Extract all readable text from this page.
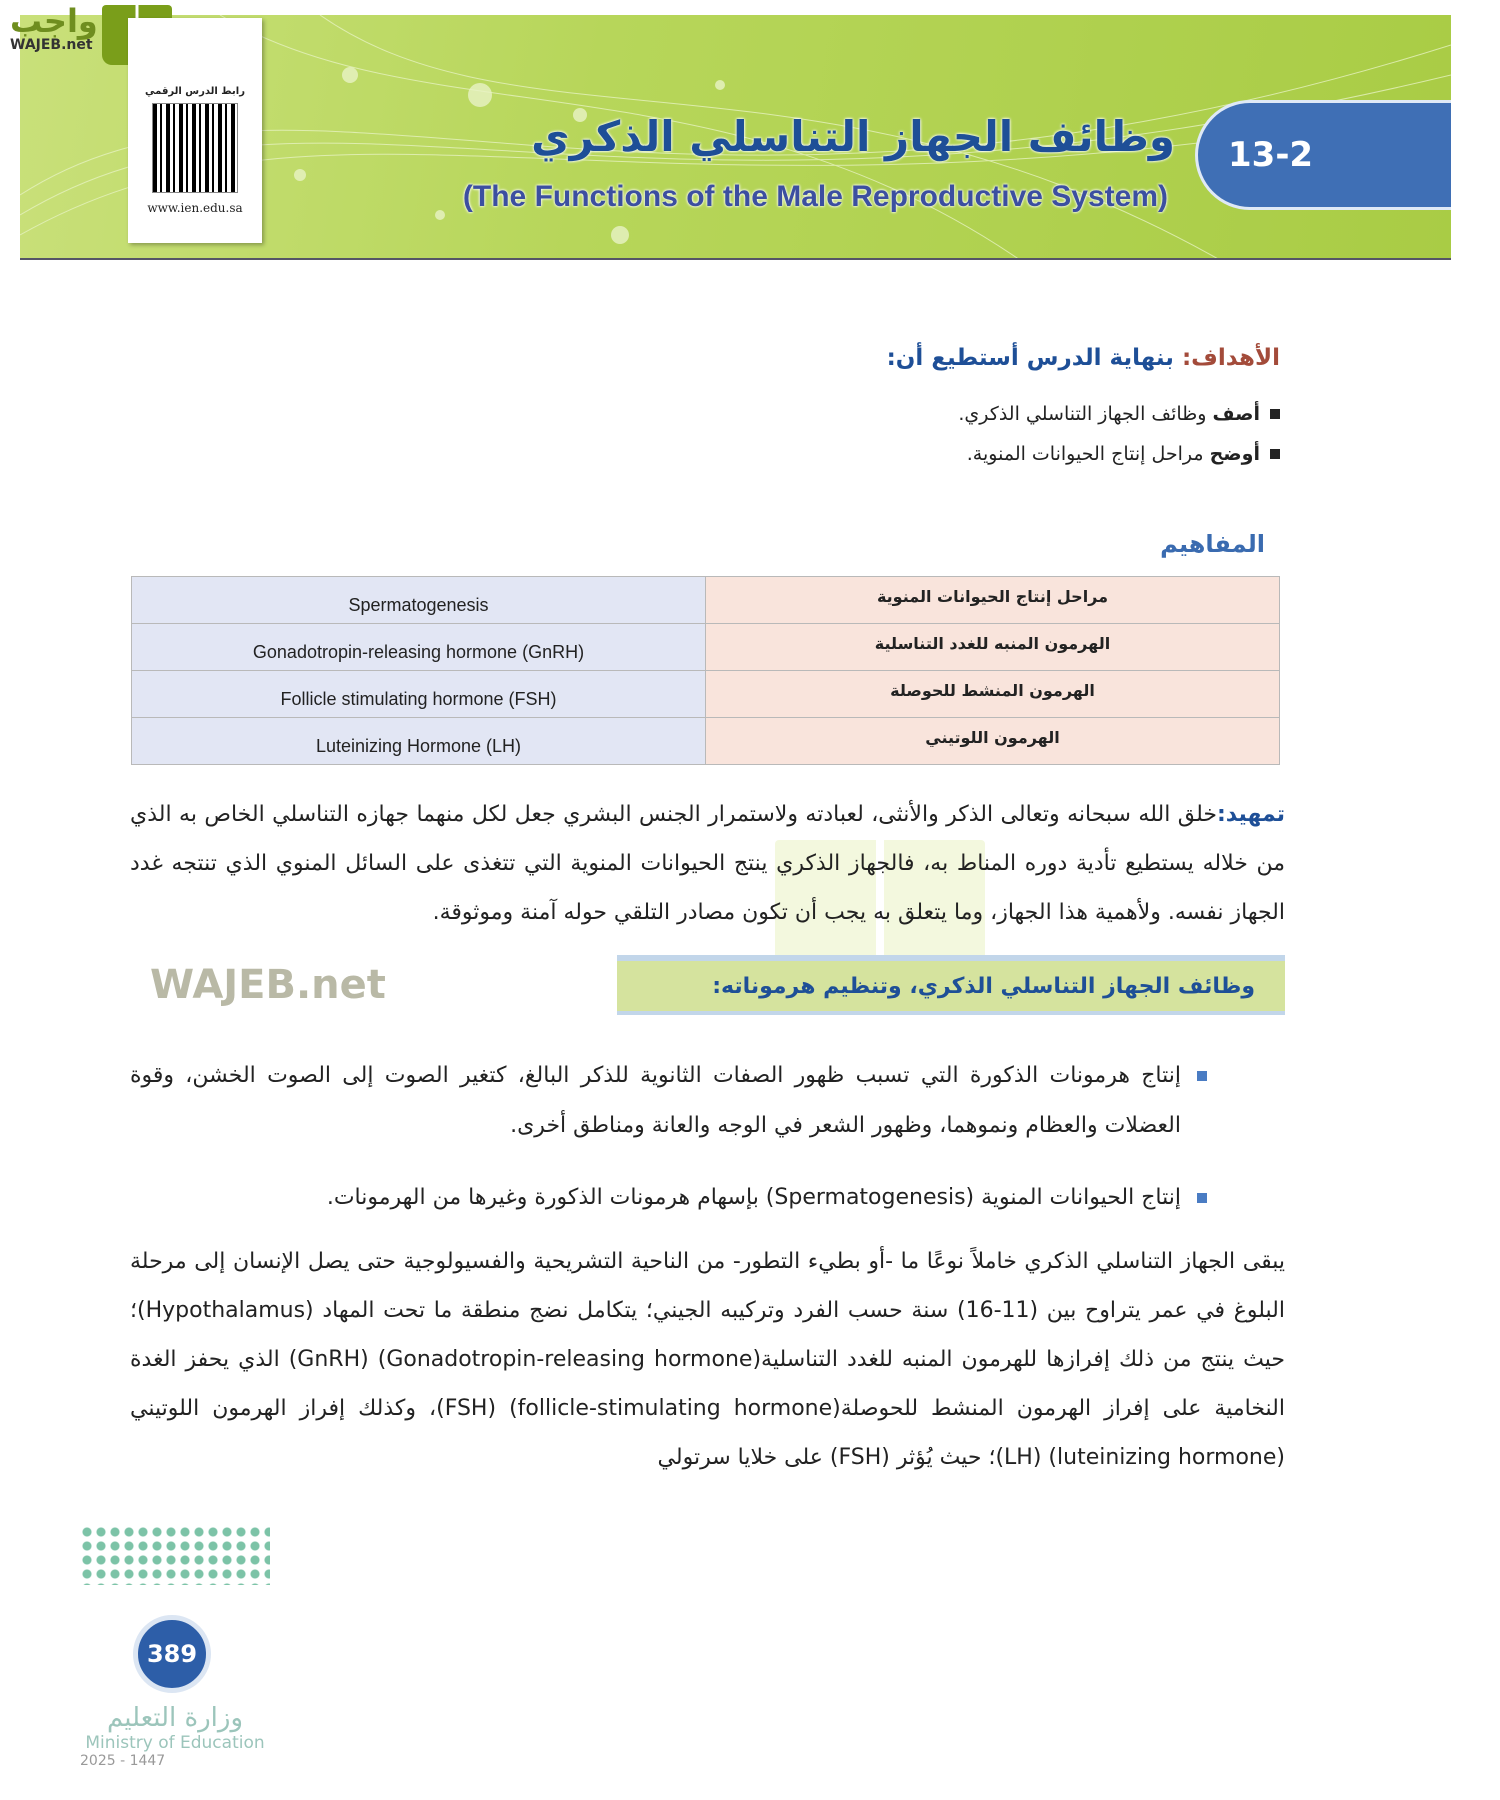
واجب
WAJEB.net
رابط الدرس الرقمي
www.ien.edu.sa
13-2
وظائف الجهاز التناسلي الذكري
(The Functions of the Male Reproductive System)
الأهداف: بنهاية الدرس أستطيع أن:
أصف وظائف الجهاز التناسلي الذكري.
أوضح مراحل إنتاج الحيوانات المنوية.
المفاهيم
Spermatogenesis	مراحل إنتاج الحيوانات المنوية
Gonadotropin-releasing hormone (GnRH)	الهرمون المنبه للغدد التناسلية
Follicle stimulating hormone (FSH)	الهرمون المنشط للحوصلة
Luteinizing Hormone (LH)	الهرمون اللوتيني
تمهيد:خلق الله سبحانه وتعالى الذكر والأنثى، لعبادته ولاستمرار الجنس البشري جعل لكل منهما جهازه التناسلي الخاص به الذي من خلاله يستطيع تأدية دوره المناط به، فالجهاز الذكري ينتج الحيوانات المنوية التي تتغذى على السائل المنوي الذي تنتجه غدد الجهاز نفسه. ولأهمية هذا الجهاز، وما يتعلق به يجب أن تكون مصادر التلقي حوله آمنة وموثوقة.
WAJEB.net	وظائف الجهاز التناسلي الذكري، وتنظيم هرموناته:
إنتاج هرمونات الذكورة التي تسبب ظهور الصفات الثانوية للذكر البالغ، كتغير الصوت إلى الصوت الخشن، وقوة العضلات والعظام ونموهما، وظهور الشعر في الوجه والعانة ومناطق أخرى.
إنتاج الحيوانات المنوية (Spermatogenesis) بإسهام هرمونات الذكورة وغيرها من الهرمونات.
يبقى الجهاز التناسلي الذكري خاملاً نوعًا ما -أو بطيء التطور- من الناحية التشريحية والفسيولوجية حتى يصل الإنسان إلى مرحلة البلوغ في عمر يتراوح بين (11-16) سنة حسب الفرد وتركيبه الجيني؛ يتكامل نضج منطقة ما تحت المهاد (Hypothalamus)؛ حيث ينتج من ذلك إفرازها للهرمون المنبه للغدد التناسلية(Gonadotropin-releasing hormone) (GnRH) الذي يحفز الغدة النخامية على إفراز الهرمون المنشط للحوصلة(follicle-stimulating hormone) (FSH)، وكذلك إفراز الهرمون اللوتيني (luteinizing hormone) (LH)؛ حيث يُؤثر (FSH) على خلايا سرتولي
وزارة التعليم
Ministry of Education
2025 - 1447
389
